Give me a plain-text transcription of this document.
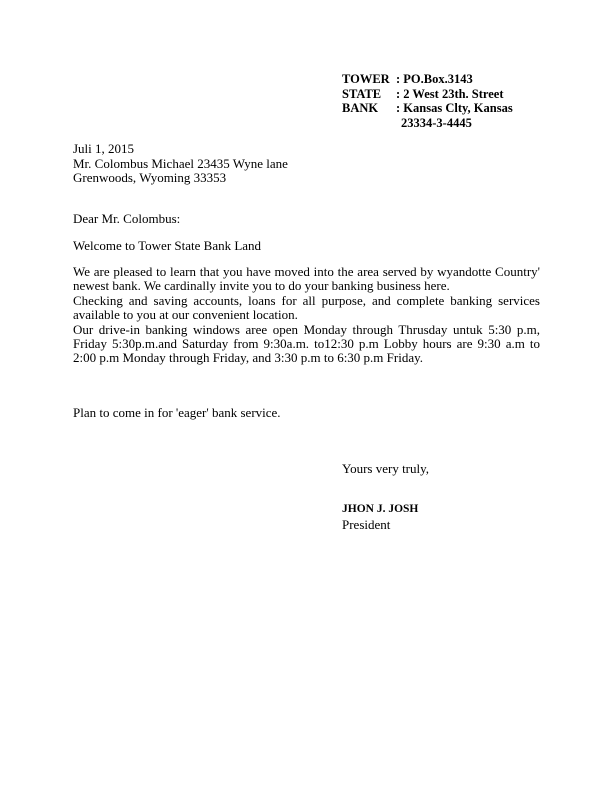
TOWER : PO.Box.3143
STATE	: 2 West 23th. Street
BANK	: Kansas Clty, Kansas
23334-3-4445
Juli 1, 2015
Mr. Colombus Michael 23435 Wyne lane
Grenwoods, Wyoming 33353
Dear Mr. Colombus:
Welcome to Tower State Bank Land

We are pleased to learn that you have moved into the area served by wyandotte Country' newest bank. We cardinally invite you to do your banking business here.

Checking and saving accounts, loans for all purpose, and complete banking services available to you at our convenient location.

Our drive-in banking windows aree open Monday through Thrusday untuk 5:30 p.m, Friday 5:30p.m.and Saturday from 9:30a.m. to12:30 p.m Lobby hours are 9:30 a.m to 2:00 p.m Monday through Friday, and 3:30 p.m to 6:30 p.m Friday.

Plan to come in for 'eager' bank service.
Yours very truly,
JHON J. JOSH
President
